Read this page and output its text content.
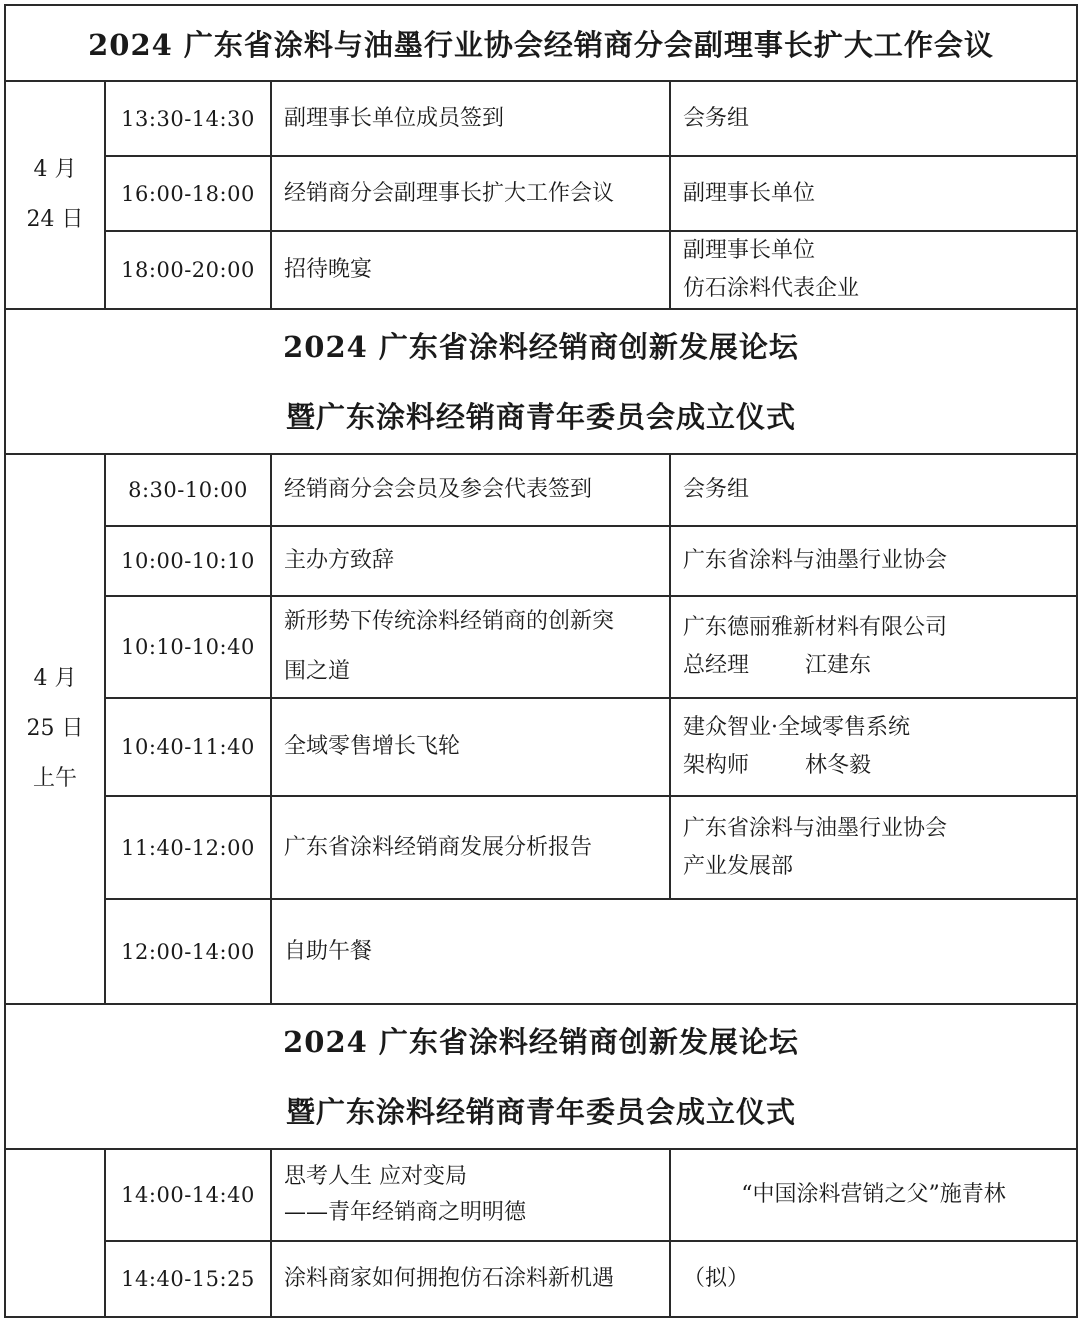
2024 广东省涂料与油墨行业协会经销商分会副理事长扩大工作会议			

4 月
24 日	13:30-14:30	副理事长单位成员签到	会务组

	16:00-18:00	经销商分会副理事长扩大工作会议	副理事长单位

	18:00-20:00	招待晚宴	副理事长单位
仿石涂料代表企业

2024 广东省涂料经销商创新发展论坛
暨广东涂料经销商青年委员会成立仪式			

4 月
25 日
上午	8:30-10:00	经销商分会会员及参会代表签到	会务组

	10:00-10:10	主办方致辞	广东省涂料与油墨行业协会

	10:10-10:40	新形势下传统涂料经销商的创新突
围之道	广东德丽雅新材料有限公司
总经理        江建东

	10:40-11:40	全域零售增长飞轮	建众智业·全域零售系统
架构师        林冬毅

	11:40-12:00	广东省涂料经销商发展分析报告	广东省涂料与油墨行业协会
产业发展部

	12:00-14:00	自助午餐	

2024 广东省涂料经销商创新发展论坛
暨广东涂料经销商青年委员会成立仪式			

	14:00-14:40	思考人生 应对变局
——青年经销商之明明德	“中国涂料营销之父”施青林

	14:40-15:25	涂料商家如何拥抱仿石涂料新机遇	（拟）
